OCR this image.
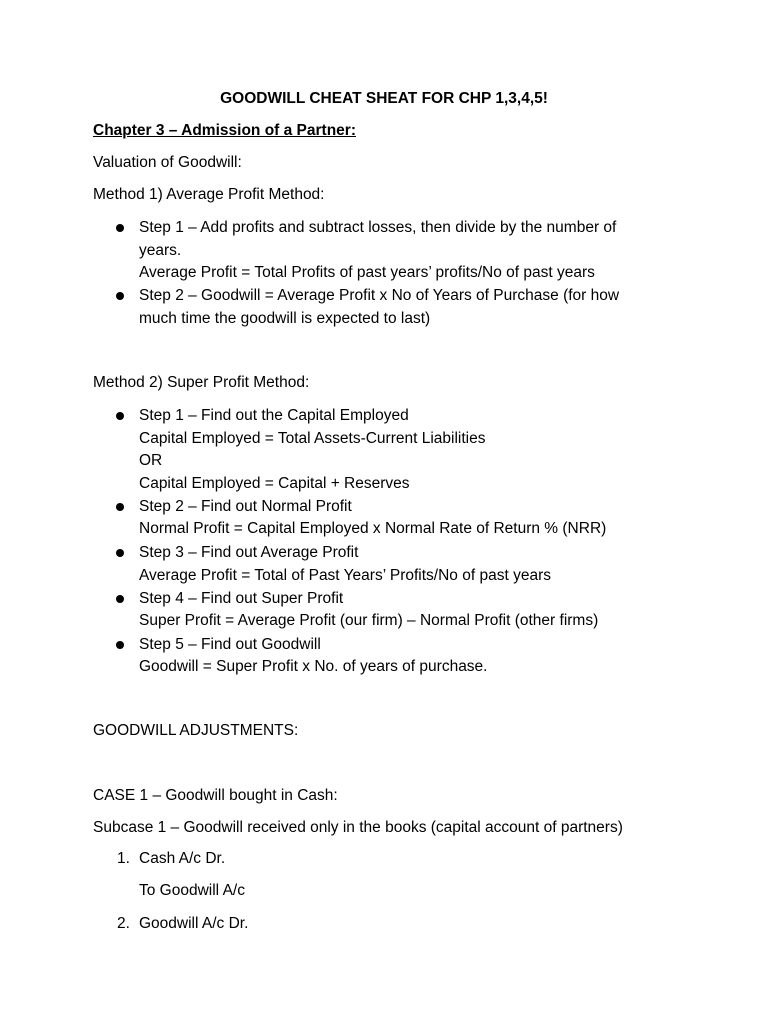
GOODWILL CHEAT SHEAT FOR CHP 1,3,4,5!
Chapter 3 – Admission of a Partner:
Valuation of Goodwill:
Method 1) Average Profit Method:
Step 1 – Add profits and subtract losses, then divide by the number of
years.
Average Profit = Total Profits of past years’ profits/No of past years
Step 2 – Goodwill = Average Profit x No of Years of Purchase (for how
much time the goodwill is expected to last)
Method 2) Super Profit Method:
Step 1 – Find out the Capital Employed
Capital Employed = Total Assets-Current Liabilities
OR
Capital Employed = Capital + Reserves
Step 2 – Find out Normal Profit
Normal Profit = Capital Employed x Normal Rate of Return % (NRR)
Step 3 – Find out Average Profit
Average Profit = Total of Past Years’ Profits/No of past years
Step 4 – Find out Super Profit
Super Profit = Average Profit (our firm) – Normal Profit (other firms)
Step 5 – Find out Goodwill
Goodwill = Super Profit x No. of years of purchase.
GOODWILL ADJUSTMENTS:
CASE 1 – Goodwill bought in Cash:
Subcase 1 – Goodwill received only in the books (capital account of partners)
1. Cash A/c Dr.
To Goodwill A/c
2. Goodwill A/c Dr.
